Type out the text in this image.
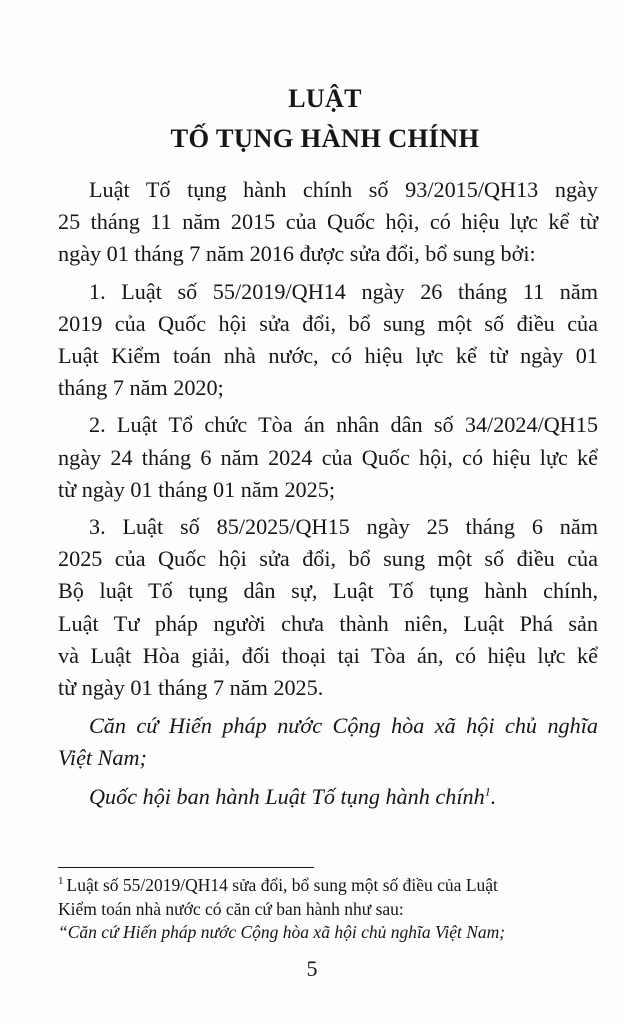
LUẬT
TỐ TỤNG HÀNH CHÍNH

Luật Tố tụng hành chính số 93/2015/QH13 ngày
25 tháng 11 năm 2015 của Quốc hội, có hiệu lực kể từ
ngày 01 tháng 7 năm 2016 được sửa đổi, bổ sung bởi:

1. Luật số 55/2019/QH14 ngày 26 tháng 11 năm
2019 của Quốc hội sửa đổi, bổ sung một số điều của
Luật Kiểm toán nhà nước, có hiệu lực kể từ ngày 01
tháng 7 năm 2020;

2. Luật Tổ chức Tòa án nhân dân số 34/2024/QH15
ngày 24 tháng 6 năm 2024 của Quốc hội, có hiệu lực kể
từ ngày 01 tháng 01 năm 2025;

3. Luật số 85/2025/QH15 ngày 25 tháng 6 năm
2025 của Quốc hội sửa đổi, bổ sung một số điều của
Bộ luật Tố tụng dân sự, Luật Tố tụng hành chính,
Luật Tư pháp người chưa thành niên, Luật Phá sản
và Luật Hòa giải, đối thoại tại Tòa án, có hiệu lực kể
từ ngày 01 tháng 7 năm 2025.

Căn cứ Hiến pháp nước Cộng hòa xã hội chủ nghĩa
Việt Nam;

Quốc hội ban hành Luật Tố tụng hành chính$^1$.

$^1$ Luật số 55/2019/QH14 sửa đổi, bổ sung một số điều của Luật
Kiểm toán nhà nước có căn cứ ban hành như sau:
“Căn cứ Hiến pháp nước Cộng hòa xã hội chủ nghĩa Việt Nam;
5
